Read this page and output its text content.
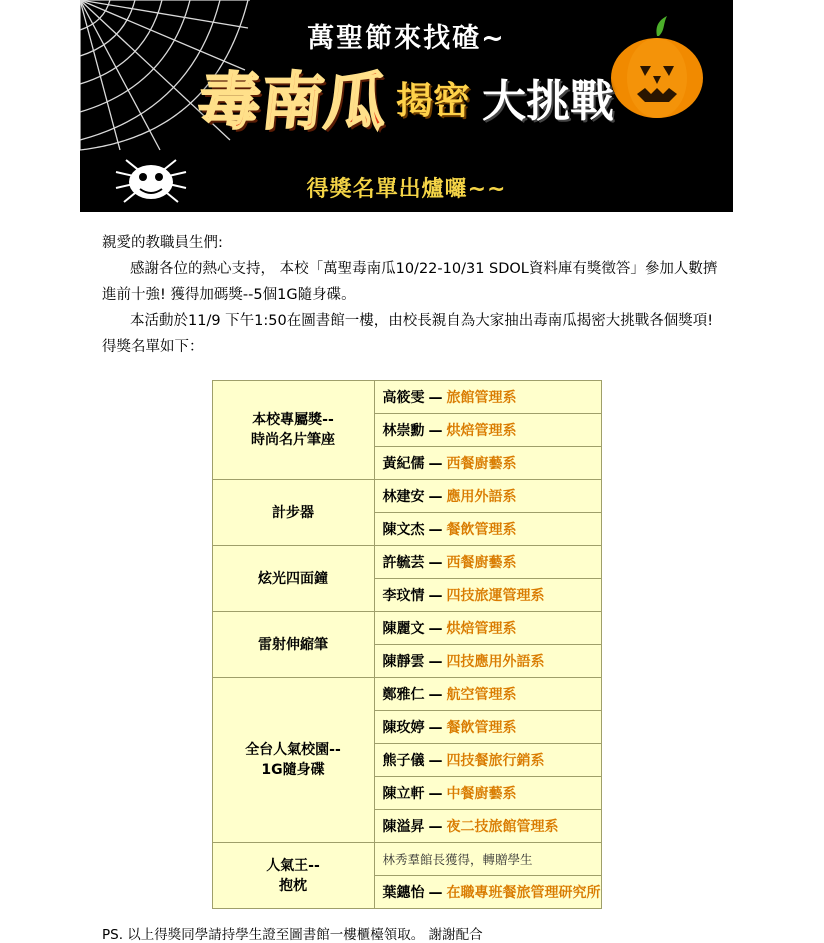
萬聖節來找碴~
毒南瓜 揭密 大挑戰
得獎名單出爐囉~~

親愛的教職員生們:

感謝各位的熱心支持， 本校「萬聖毒南瓜10/22-10/31 SDOL資料庫有獎徵答」參加人數擠進前十強! 獲得加碼獎--5個1G隨身碟。

本活動於11/9 下午1:50在圖書館一樓，由校長親自為大家抽出毒南瓜揭密大挑戰各個獎項!

得獎名單如下：

本校專屬獎--
時尚名片筆座	高筱雯 — 旅館管理系
	林崇勳 — 烘焙管理系
	黃紀儒 — 西餐廚藝系
計步器	林建安 — 應用外語系
	陳文杰 — 餐飲管理系
炫光四面鐘	許毓芸 — 西餐廚藝系
	李玟情 — 四技旅運管理系
雷射伸縮筆	陳麗文 — 烘焙管理系
	陳靜雲 — 四技應用外語系
全台人氣校園--
1G隨身碟	鄭雅仁 — 航空管理系
	陳玫婷 — 餐飲管理系
	熊子儀 — 四技餐旅行銷系
	陳立軒 — 中餐廚藝系
	陳溢昇 — 夜二技旅館管理系
人氣王--
抱枕	林秀羣館長獲得，轉贈學生
	葉鏸怡 — 在職專班餐旅管理研究所

PS. 以上得獎同學請持學生證至圖書館一樓櫃檯領取。 謝謝配合
